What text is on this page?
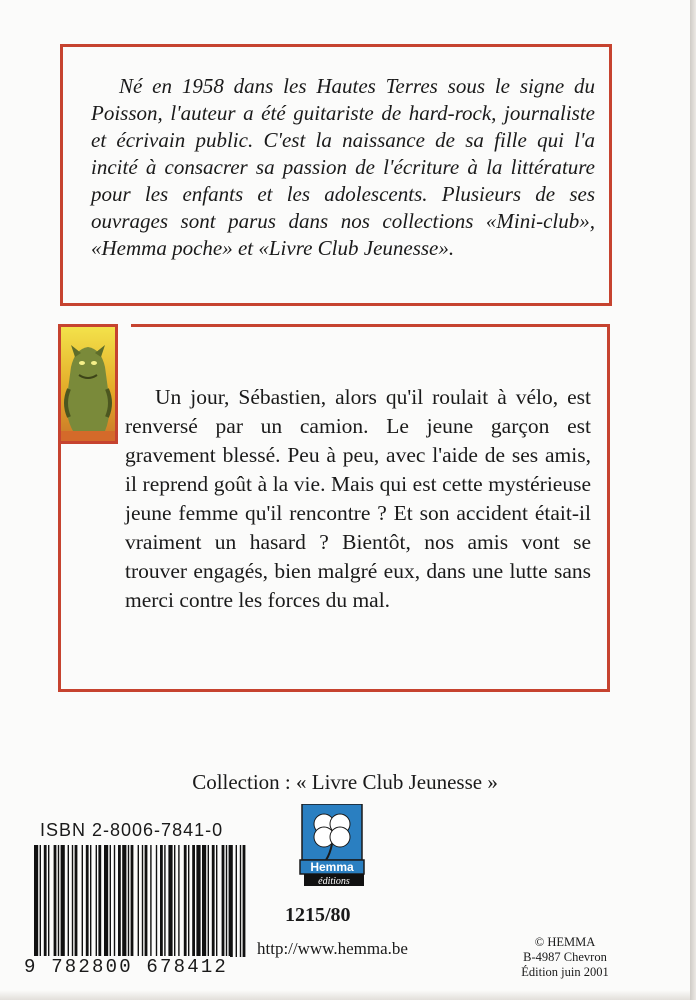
Né en 1958 dans les Hautes Terres sous le signe du Poisson, l'auteur a été guitariste de hard-rock, journaliste et écrivain public. C'est la naissance de sa fille qui l'a incité à consacrer sa passion de l'écriture à la littérature pour les enfants et les adolescents. Plusieurs de ses ouvrages sont parus dans nos collections «Mini-club», «Hemma poche» et «Livre Club Jeunesse».

Un jour, Sébastien, alors qu'il roulait à vélo, est renversé par un camion. Le jeune garçon est gravement blessé. Peu à peu, avec l'aide de ses amis, il reprend goût à la vie. Mais qui est cette mystérieuse jeune femme qu'il rencontre ? Et son accident était-il vraiment un hasard ? Bientôt, nos amis vont se trouver engagés, bien malgré eux, dans une lutte sans merci contre les forces du mal.

Collection : « Livre Club Jeunesse »
ISBN 2-8006-7841-0
9 782800 678412
Hemma
éditions
1215/80
http://www.hemma.be	© HEMMA
B-4987 Chevron
Édition juin 2001
